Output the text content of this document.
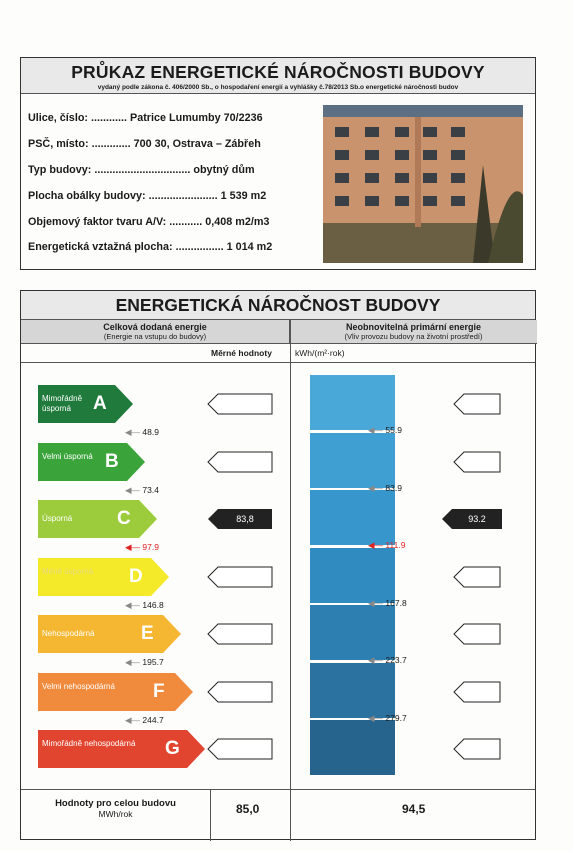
PRŮKAZ ENERGETICKÉ NÁROČNOSTI BUDOVY
vydaný podle zákona č. 406/2000 Sb., o hospodaření energií a vyhlášky č.78/2013 Sb.o energetické náročnosti budov
Ulice, číslo: ............ Patrice Lumumby 70/2236
PSČ, místo: ............. 700 30, Ostrava – Zábřeh
Typ budovy: ................................ obytný dům
Plocha obálky budovy: ....................... 1 539 m2
Objemový faktor tvaru A/V: ........... 0,408 m2/m3
Energetická vztažná plocha: ................ 1 014 m2
ENERGETICKÁ NÁROČNOST BUDOVY
Celková dodaná energie
(Energie na vstupu do budovy)
Neobnovitelná primární energie
(Vliv provozu budovy na životní prostředí)
Měrné hodnoty	kWh/(m²·rok)
Hodnoty pro celou budovu
MWh/rok	85,0	94,5
Mimořádně úsporná	A
Velmi úsporná B
Úsporná	C	83,8	93.2
Méně úsporná	D
Nehospodárná	E
Velmi nehospodárná	F
Mimořádně nehospodárná	G
◀— 48.9
◀— 73.4
◀— 97.9
◀— 146.8
◀— 195.7
◀— 244.7
◀— 55.9
◀— 83.9
◀— 111.9
◀— 167.8
◀— 223.7
◀— 279.7
